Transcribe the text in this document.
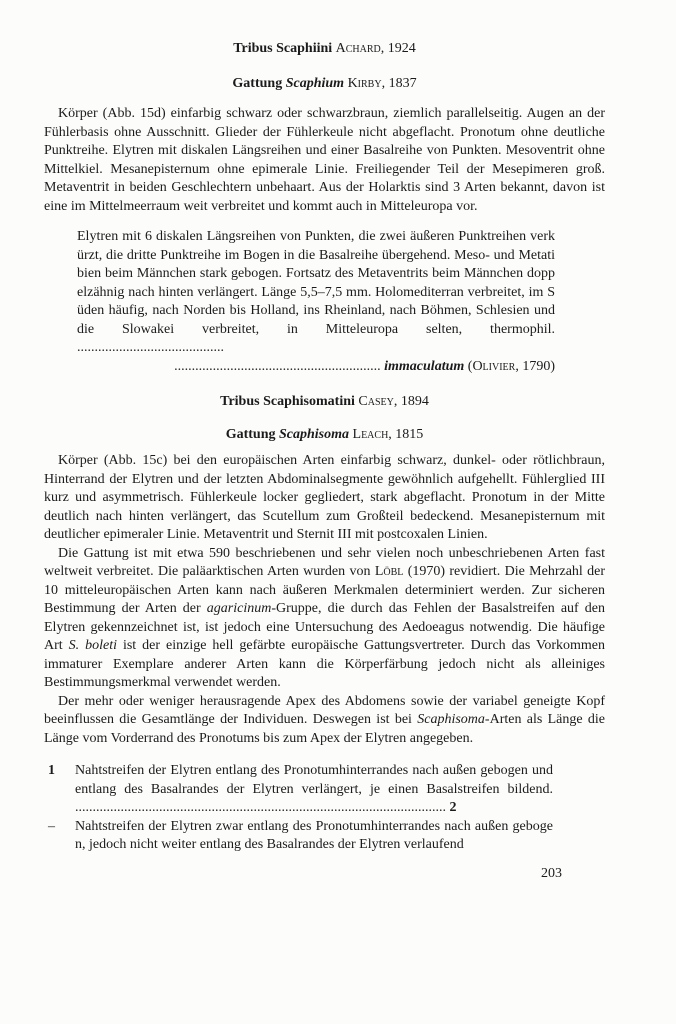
Tribus Scaphiini Achard, 1924
Gattung Scaphium Kirby, 1837
Körper (Abb. 15d) einfarbig schwarz oder schwarzbraun, ziemlich parallelseitig. Augen an der Fühlerbasis ohne Ausschnitt. Glieder der Fühlerkeule nicht abgeflacht. Pronotum ohne deutliche Punktreihe. Elytren mit diskalen Längsreihen und einer Basalreihe von Punkten. Mesoventrit ohne Mittelkiel. Mesanepisternum ohne epimerale Linie. Freiliegender Teil der Mesepimeren groß. Metaventrit in beiden Geschlechtern unbehaart. Aus der Holarktis sind 3 Arten bekannt, davon ist eine im Mittelmeerraum weit verbreitet und kommt auch in Mitteleuropa vor.
Elytren mit 6 diskalen Längsreihen von Punkten, die zwei äußeren Punktreihen verkürzt, die dritte Punktreihe im Bogen in die Basalreihe übergehend. Meso- und Metatibien beim Männchen stark gebogen. Fortsatz des Metaventrits beim Männchen doppelzähnig nach hinten verlängert. Länge 5,5–7,5 mm. Holomediterran verbreitet, im Süden häufig, nach Norden bis Holland, ins Rheinland, nach Böhmen, Schlesien und die Slowakei verbreitet, in Mitteleuropa selten, thermophil. ..........................................
........................................................... immaculatum (Olivier, 1790)
Tribus Scaphisomatini Casey, 1894
Gattung Scaphisoma Leach, 1815
Körper (Abb. 15c) bei den europäischen Arten einfarbig schwarz, dunkel- oder rötlichbraun, Hinterrand der Elytren und der letzten Abdominalsegmente gewöhnlich aufgehellt. Fühlerglied III kurz und asymmetrisch. Fühlerkeule locker gegliedert, stark abgeflacht. Pronotum in der Mitte deutlich nach hinten verlängert, das Scutellum zum Großteil bedeckend. Mesanepisternum mit deutlicher epimeraler Linie. Metaventrit und Sternit III mit postcoxalen Linien.
Die Gattung ist mit etwa 590 beschriebenen und sehr vielen noch unbeschriebenen Arten fast weltweit verbreitet. Die paläarktischen Arten wurden von Löbl (1970) revidiert. Die Mehrzahl der 10 mitteleuropäischen Arten kann nach äußeren Merkmalen determiniert werden. Zur sicheren Bestimmung der Arten der agaricinum-Gruppe, die durch das Fehlen der Basalstreifen auf den Elytren gekennzeichnet ist, ist jedoch eine Untersuchung des Aedoeagus notwendig. Die häufige Art S. boleti ist der einzige hell gefärbte europäische Gattungsvertreter. Durch das Vorkommen immaturer Exemplare anderer Arten kann die Körperfärbung jedoch nicht als alleiniges Bestimmungsmerkmal verwendet werden.
Der mehr oder weniger herausragende Apex des Abdomens sowie der variabel geneigte Kopf beeinflussen die Gesamtlänge der Individuen. Deswegen ist bei Scaphisoma-Arten als Länge die Länge vom Vorderrand des Pronotums bis zum Apex der Elytren angegeben.
1	Nahtstreifen der Elytren entlang des Pronotumhinterrandes nach außen gebogen und entlang des Basalrandes der Elytren verlängert, je einen Basalstreifen bildend. .......................................................................................................... 2
–	Nahtstreifen der Elytren zwar entlang des Pronotumhinterrandes nach außen gebogen, jedoch nicht weiter entlang des Basalrandes der Elytren verlaufend
203
